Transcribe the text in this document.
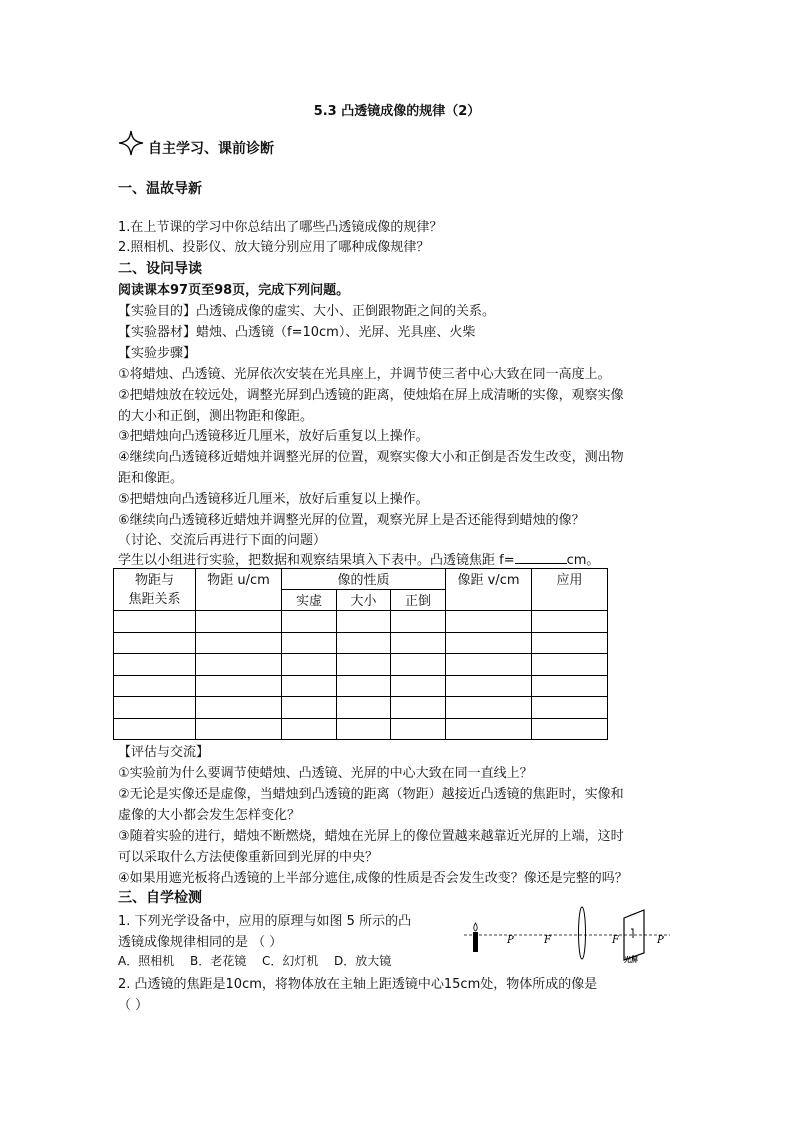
5.3 凸透镜成像的规律（2）
自主学习、课前诊断
一、温故导新
1.在上节课的学习中你总结出了哪些凸透镜成像的规律？
2.照相机、投影仪、放大镜分别应用了哪种成像规律？
二、设问导读
阅读课本97页至98页，完成下列问题。
【实验目的】凸透镜成像的虚实、大小、正倒跟物距之间的关系。
【实验器材】蜡烛、凸透镜（f=10cm）、光屏、光具座、火柴
【实验步骤】
①将蜡烛、凸透镜、光屏依次安装在光具座上，并调节使三者中心大致在同一高度上。
②把蜡烛放在较远处，调整光屏到凸透镜的距离，使烛焰在屏上成清晰的实像，观察实像
的大小和正倒，测出物距和像距。
③把蜡烛向凸透镜移近几厘米，放好后重复以上操作。
④继续向凸透镜移近蜡烛并调整光屏的位置，观察实像大小和正倒是否发生改变，测出物
距和像距。
⑤把蜡烛向凸透镜移近几厘米，放好后重复以上操作。
⑥继续向凸透镜移近蜡烛并调整光屏的位置，观察光屏上是否还能得到蜡烛的像？
（讨论、交流后再进行下面的问题）
学生以小组进行实验，把数据和观察结果填入下表中。凸透镜焦距 f=	cm。
物距与
焦距关系	物距 u/cm	像的性质			像距 v/cm	应用
		实虚	大小	正倒		

【评估与交流】
①实验前为什么要调节使蜡烛、凸透镜、光屏的中心大致在同一直线上？
②无论是实像还是虚像，当蜡烛到凸透镜的距离（物距）越接近凸透镜的焦距时，实像和
虚像的大小都会发生怎样变化？
③随着实验的进行，蜡烛不断燃烧，蜡烛在光屏上的像位置越来越靠近光屏的上端，这时
可以采取什么方法使像重新回到光屏的中央？
④如果用遮光板将凸透镜的上半部分遮住,成像的性质是否会发生改变？像还是完整的吗？
三、自学检测
1. 下列光学设备中，应用的原理与如图 5 所示的凸
透镜成像规律相同的是 （ ）
A．照相机 B．老花镜 C．幻灯机 D．放大镜
2. 凸透镜的焦距是10cm，将物体放在主轴上距透镜中心15cm处，物体所成的像是
（ ）
P	F	F	P
光屏
